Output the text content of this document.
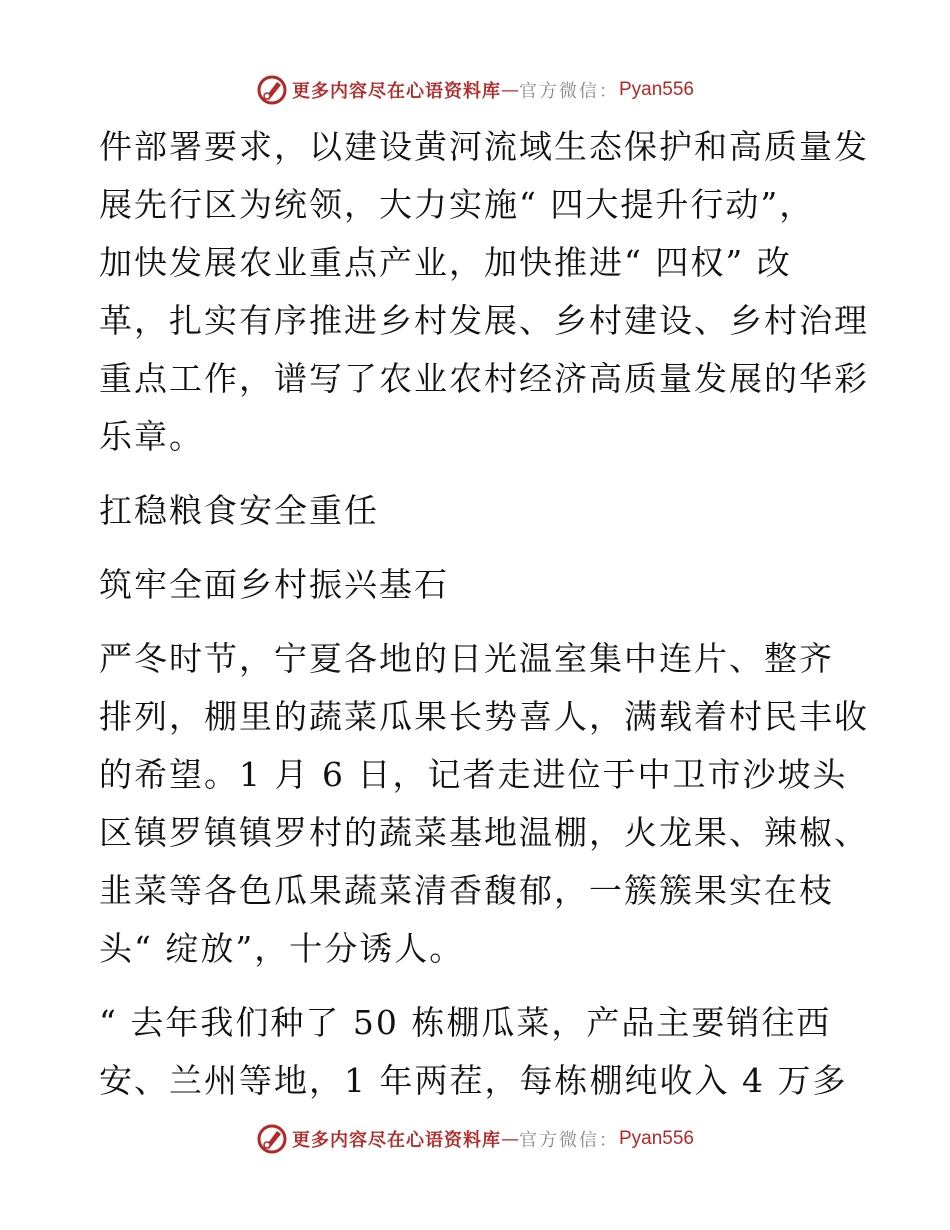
更多内容尽在心语资料库 — 官方微信： Pyan556

件部署要求，以建设黄河流域生态保护和高质量发
展先行区为统领，大力实施“ 四大提升行动”，
加快发展农业重点产业，加快推进“ 四权” 改
革，扎实有序推进乡村发展、乡村建设、乡村治理
重点工作，谱写了农业农村经济高质量发展的华彩
乐章。

扛稳粮食安全重任

筑牢全面乡村振兴基石

严冬时节，宁夏各地的日光温室集中连片、整齐
排列，棚里的蔬菜瓜果长势喜人，满载着村民丰收
的希望。1 月 6 日，记者走进位于中卫市沙坡头
区镇罗镇镇罗村的蔬菜基地温棚，火龙果、辣椒、
韭菜等各色瓜果蔬菜清香馥郁，一簇簇果实在枝
头“ 绽放”，十分诱人。

“ 去年我们种了 50 栋棚瓜菜，产品主要销往西
安、兰州等地，1 年两茬，每栋棚纯收入 4 万多

更多内容尽在心语资料库 — 官方微信： Pyan556
